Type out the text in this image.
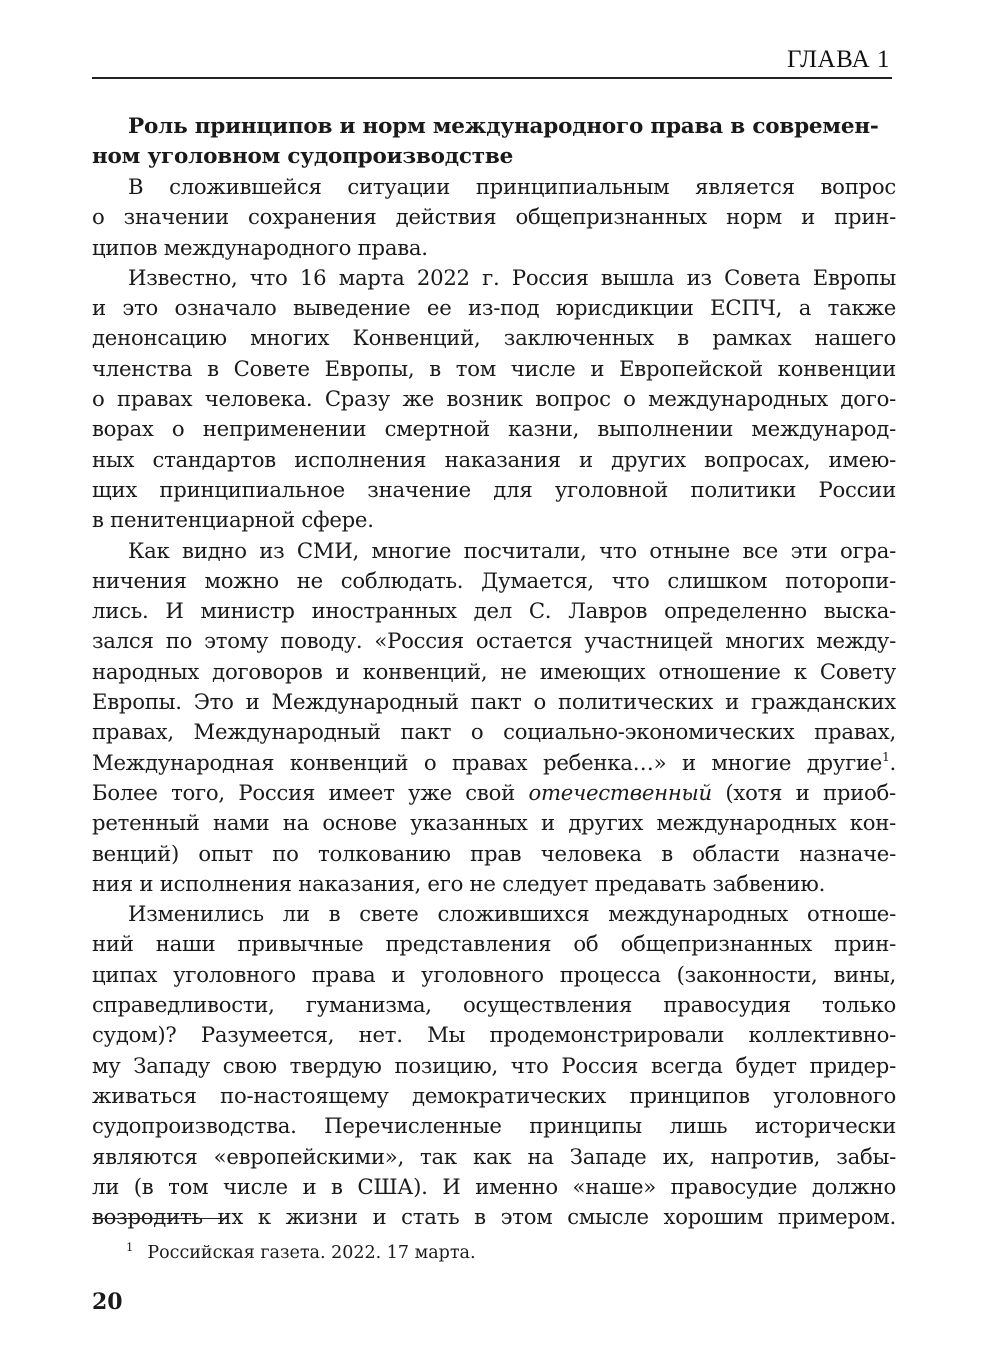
ГЛАВА 1
Роль принципов и норм международного права в современ-
ном уголовном судопроизводстве

В сложившейся ситуации принципиальным является вопрос
о значении сохранения действия общепризнанных норм и прин-
ципов международного права.

Известно, что 16 марта 2022 г. Россия вышла из Совета Европы
и это означало выведение ее из-под юрисдикции ЕСПЧ, а также
денонсацию многих Конвенций, заключенных в рамках нашего
членства в Совете Европы, в том числе и Европейской конвенции
о правах человека. Сразу же возник вопрос о международных дого-
ворах о неприменении смертной казни, выполнении международ-
ных стандартов исполнения наказания и других вопросах, имею-
щих принципиальное значение для уголовной политики России
в пенитенциарной сфере.

Как видно из СМИ, многие посчитали, что отныне все эти огра-
ничения можно не соблюдать. Думается, что слишком поторопи-
лись. И министр иностранных дел С. Лавров определенно выска-
зался по этому поводу. «Россия остается участницей многих между-
народных договоров и конвенций, не имеющих отношение к Совету
Европы. Это и Международный пакт о политических и гражданских
правах, Международный пакт о социально-экономических правах,
Международная конвенций о правах ребенка…» и многие другие$^1$.
Более того, Россия имеет уже свой отечественный (хотя и приоб-
ретенный нами на основе указанных и других международных кон-
венций) опыт по толкованию прав человека в области назначе-
ния и исполнения наказания, его не следует предавать забвению.

Изменились ли в свете сложившихся международных отноше-
ний наши привычные представления об общепризнанных прин-
ципах уголовного права и уголовного процесса (законности, вины,
справедливости, гуманизма, осуществления правосудия только
судом)? Разумеется, нет. Мы продемонстрировали коллективно-
му Западу свою твердую позицию, что Россия всегда будет придер-
живаться по-настоящему демократических принципов уголовного
судопроизводства. Перечисленные принципы лишь исторически
являются «европейскими», так как на Западе их, напротив, забы-
ли (в том числе и в США). И именно «наше» правосудие должно
возродить их к жизни и стать в этом смысле хорошим примером.

$^1$ Российская газета. 2022. 17 марта.
20
